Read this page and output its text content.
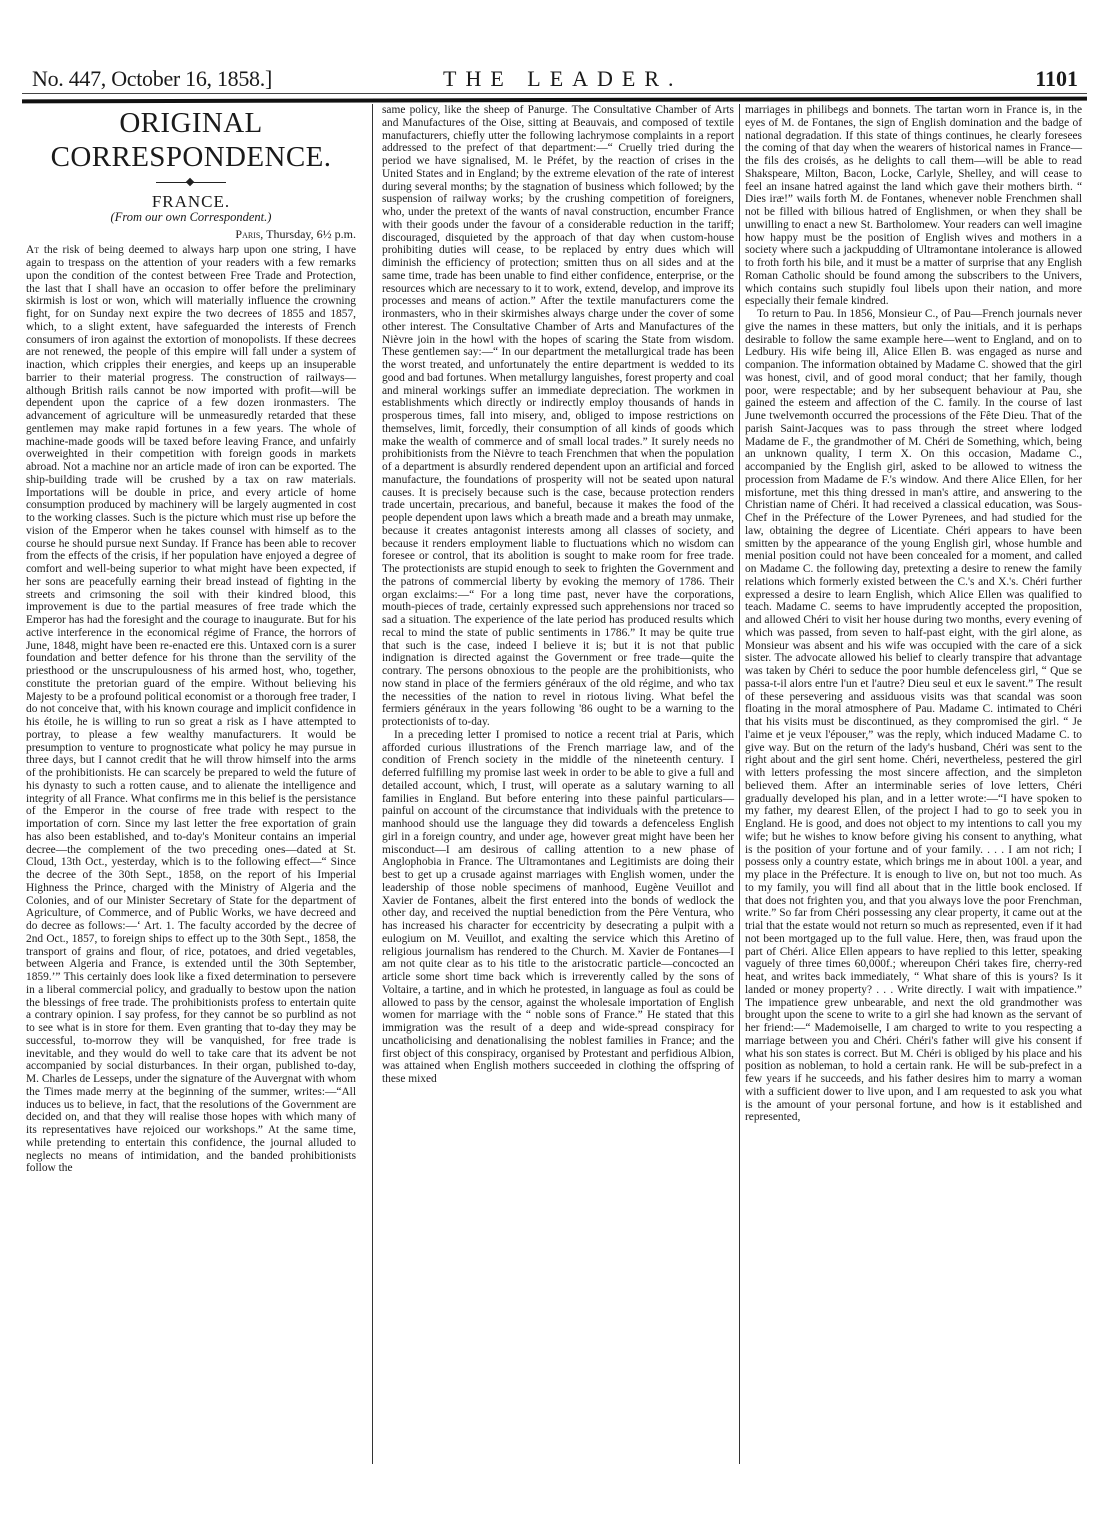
No. 447, October 16, 1858.]	THE LEADER.	1101
ORIGINAL CORRESPONDENCE.
FRANCE.
(From our own Correspondent.)
Paris, Thursday, 6½ p.m.

At the risk of being deemed to always harp upon one string, I have again to trespass on the attention of your readers with a few remarks upon the condition of the contest between Free Trade and Protection, the last that I shall have an occasion to offer before the preliminary skirmish is lost or won, which will materially influence the crowning fight, for on Sunday next expire the two decrees of 1855 and 1857, which, to a slight extent, have safeguarded the interests of French consumers of iron against the extortion of monopolists. If these decrees are not renewed, the people of this empire will fall under a system of inaction, which cripples their energies, and keeps up an insuperable barrier to their material progress. The construction of railways—although British rails cannot be now imported with profit—will be dependent upon the caprice of a few dozen ironmasters. The advancement of agriculture will be unmeasuredly retarded that these gentlemen may make rapid fortunes in a few years. The whole of machine-made goods will be taxed before leaving France, and unfairly overweighted in their competition with foreign goods in markets abroad. Not a machine nor an article made of iron can be exported. The ship-building trade will be crushed by a tax on raw materials. Importations will be double in price, and every article of home consumption produced by machinery will be largely augmented in cost to the working classes. Such is the picture which must rise up before the vision of the Emperor when he takes counsel with himself as to the course he should pursue next Sunday. If France has been able to recover from the effects of the crisis, if her population have enjoyed a degree of comfort and well-being superior to what might have been expected, if her sons are peacefully earning their bread instead of fighting in the streets and crimsoning the soil with their kindred blood, this improvement is due to the partial measures of free trade which the Emperor has had the foresight and the courage to inaugurate. But for his active interference in the economical régime of France, the horrors of June, 1848, might have been re-enacted ere this. Untaxed corn is a surer foundation and better defence for his throne than the servility of the priesthood or the unscrupulousness of his armed host, who, together, constitute the pretorian guard of the empire. Without believing his Majesty to be a profound political economist or a thorough free trader, I do not conceive that, with his known courage and implicit confidence in his étoile, he is willing to run so great a risk as I have attempted to portray, to please a few wealthy manufacturers. It would be presumption to venture to prognosticate what policy he may pursue in three days, but I cannot credit that he will throw himself into the arms of the prohibitionists. He can scarcely be prepared to weld the future of his dynasty to such a rotten cause, and to alienate the intelligence and integrity of all France. What confirms me in this belief is the persistance of the Emperor in the course of free trade with respect to the importation of corn. Since my last letter the free exportation of grain has also been established, and to-day's Moniteur contains an imperial decree—the complement of the two preceding ones—dated at St. Cloud, 13th Oct., yesterday, which is to the following effect—“ Since the decree of the 30th Sept., 1858, on the report of his Imperial Highness the Prince, charged with the Ministry of Algeria and the Colonies, and of our Minister Secretary of State for the department of Agriculture, of Commerce, and of Public Works, we have decreed and do decree as follows:—‘ Art. 1. The faculty accorded by the decree of 2nd Oct., 1857, to foreign ships to effect up to the 30th Sept., 1858, the transport of grains and flour, of rice, potatoes, and dried vegetables, between Algeria and France, is extended until the 30th September, 1859.’” This certainly does look like a fixed determination to persevere in a liberal commercial policy, and gradually to bestow upon the nation the blessings of free trade. The prohibitionists profess to entertain quite a contrary opinion. I say profess, for they cannot be so purblind as not to see what is in store for them. Even granting that to-day they may be successful, to-morrow they will be vanquished, for free trade is inevitable, and they would do well to take care that its advent be not accompanied by social disturbances. In their organ, published to-day, M. Charles de Lesseps, under the signature of the Auvergnat with whom the Times made merry at the beginning of the summer, writes:—“All induces us to believe, in fact, that the resolutions of the Government are decided on, and that they will realise those hopes with which many of its representatives have rejoiced our workshops.” At the same time, while pretending to entertain this confidence, the journal alluded to neglects no means of intimidation, and the banded prohibitionists follow the

same policy, like the sheep of Panurge. The Consultative Chamber of Arts and Manufactures of the Oise, sitting at Beauvais, and composed of textile manufacturers, chiefly utter the following lachrymose complaints in a report addressed to the prefect of that department:—“ Cruelly tried during the period we have signalised, M. le Préfet, by the reaction of crises in the United States and in England; by the extreme elevation of the rate of interest during several months; by the stagnation of business which followed; by the suspension of railway works; by the crushing competition of foreigners, who, under the pretext of the wants of naval construction, encumber France with their goods under the favour of a considerable reduction in the tariff; discouraged, disquieted by the approach of that day when custom-house prohibiting duties will cease, to be replaced by entry dues which will diminish the efficiency of protection; smitten thus on all sides and at the same time, trade has been unable to find either confidence, enterprise, or the resources which are necessary to it to work, extend, develop, and improve its processes and means of action.” After the textile manufacturers come the ironmasters, who in their skirmishes always charge under the cover of some other interest. The Consultative Chamber of Arts and Manufactures of the Nièvre join in the howl with the hopes of scaring the State from wisdom. These gentlemen say:—“ In our department the metallurgical trade has been the worst treated, and unfortunately the entire department is wedded to its good and bad fortunes. When metallurgy languishes, forest property and coal and mineral workings suffer an immediate depreciation. The workmen in establishments which directly or indirectly employ thousands of hands in prosperous times, fall into misery, and, obliged to impose restrictions on themselves, limit, forcedly, their consumption of all kinds of goods which make the wealth of commerce and of small local trades.” It surely needs no prohibitionists from the Nièvre to teach Frenchmen that when the population of a department is absurdly rendered dependent upon an artificial and forced manufacture, the foundations of prosperity will not be seated upon natural causes. It is precisely because such is the case, because protection renders trade uncertain, precarious, and baneful, because it makes the food of the people dependent upon laws which a breath made and a breath may unmake, because it creates antagonist interests among all classes of society, and because it renders employment liable to fluctuations which no wisdom can foresee or control, that its abolition is sought to make room for free trade. The protectionists are stupid enough to seek to frighten the Government and the patrons of commercial liberty by evoking the memory of 1786. Their organ exclaims:—“ For a long time past, never have the corporations, mouth-pieces of trade, certainly expressed such apprehensions nor traced so sad a situation. The experience of the late period has produced results which recal to mind the state of public sentiments in 1786.” It may be quite true that such is the case, indeed I believe it is; but it is not that public indignation is directed against the Government or free trade—quite the contrary. The persons obnoxious to the people are the prohibitionists, who now stand in place of the fermiers généraux of the old régime, and who tax the necessities of the nation to revel in riotous living. What befel the fermiers généraux in the years following '86 ought to be a warning to the protectionists of to-day.

In a preceding letter I promised to notice a recent trial at Paris, which afforded curious illustrations of the French marriage law, and of the condition of French society in the middle of the nineteenth century. I deferred fulfilling my promise last week in order to be able to give a full and detailed account, which, I trust, will operate as a salutary warning to all families in England. But before entering into these painful particulars—painful on account of the circumstance that individuals with the pretence to manhood should use the language they did towards a defenceless English girl in a foreign country, and under age, however great might have been her misconduct—I am desirous of calling attention to a new phase of Anglophobia in France. The Ultramontanes and Legitimists are doing their best to get up a crusade against marriages with English women, under the leadership of those noble specimens of manhood, Eugène Veuillot and Xavier de Fontanes, albeit the first entered into the bonds of wedlock the other day, and received the nuptial benediction from the Père Ventura, who has increased his character for eccentricity by desecrating a pulpit with a eulogium on M. Veuillot, and exalting the service which this Aretino of religious journalism has rendered to the Church. M. Xavier de Fontanes—I am not quite clear as to his title to the aristocratic particle—concocted an article some short time back which is irreverently called by the sons of Voltaire, a tartine, and in which he protested, in language as foul as could be allowed to pass by the censor, against the wholesale importation of English women for marriage with the “ noble sons of France.” He stated that this immigration was the result of a deep and wide-spread conspiracy for uncatholicising and denationalising the noblest families in France; and the first object of this conspiracy, organised by Protestant and perfidious Albion, was attained when English mothers succeeded in clothing the offspring of these mixed

marriages in philibegs and bonnets. The tartan worn in France is, in the eyes of M. de Fontanes, the sign of English domination and the badge of national degradation. If this state of things continues, he clearly foresees the coming of that day when the wearers of historical names in France—the fils des croisés, as he delights to call them—will be able to read Shakspeare, Milton, Bacon, Locke, Carlyle, Shelley, and will cease to feel an insane hatred against the land which gave their mothers birth. “ Dies iræ!” wails forth M. de Fontanes, whenever noble Frenchmen shall not be filled with bilious hatred of Englishmen, or when they shall be unwilling to enact a new St. Bartholomew. Your readers can well imagine how happy must be the position of English wives and mothers in a society where such a jackpudding of Ultramontane intolerance is allowed to froth forth his bile, and it must be a matter of surprise that any English Roman Catholic should be found among the subscribers to the Univers, which contains such stupidly foul libels upon their nation, and more especially their female kindred.

To return to Pau. In 1856, Monsieur C., of Pau—French journals never give the names in these matters, but only the initials, and it is perhaps desirable to follow the same example here—went to England, and on to Ledbury. His wife being ill, Alice Ellen B. was engaged as nurse and companion. The information obtained by Madame C. showed that the girl was honest, civil, and of good moral conduct; that her family, though poor, were respectable; and by her subsequent behaviour at Pau, she gained the esteem and affection of the C. family. In the course of last June twelvemonth occurred the processions of the Fête Dieu. That of the parish Saint-Jacques was to pass through the street where lodged Madame de F., the grandmother of M. Chéri de Something, which, being an unknown quality, I term X. On this occasion, Madame C., accompanied by the English girl, asked to be allowed to witness the procession from Madame de F.'s window. And there Alice Ellen, for her misfortune, met this thing dressed in man's attire, and answering to the Christian name of Chéri. It had received a classical education, was Sous-Chef in the Préfecture of the Lower Pyrenees, and had studied for the law, obtaining the degree of Licentiate. Chéri appears to have been smitten by the appearance of the young English girl, whose humble and menial position could not have been concealed for a moment, and called on Madame C. the following day, pretexting a desire to renew the family relations which formerly existed between the C.'s and X.'s. Chéri further expressed a desire to learn English, which Alice Ellen was qualified to teach. Madame C. seems to have imprudently accepted the proposition, and allowed Chéri to visit her house during two months, every evening of which was passed, from seven to half-past eight, with the girl alone, as Monsieur was absent and his wife was occupied with the care of a sick sister. The advocate allowed his belief to clearly transpire that advantage was taken by Chéri to seduce the poor humble defenceless girl, “ Que se passa-t-il alors entre l'un et l'autre? Dieu seul et eux le savent.” The result of these persevering and assiduous visits was that scandal was soon floating in the moral atmosphere of Pau. Madame C. intimated to Chéri that his visits must be discontinued, as they compromised the girl. “ Je l'aime et je veux l'épouser,” was the reply, which induced Madame C. to give way. But on the return of the lady's husband, Chéri was sent to the right about and the girl sent home. Chéri, nevertheless, pestered the girl with letters professing the most sincere affection, and the simpleton believed them. After an interminable series of love letters, Chéri gradually developed his plan, and in a letter wrote:—“I have spoken to my father, my dearest Ellen, of the project I had to go to seek you in England. He is good, and does not object to my intentions to call you my wife; but he wishes to know before giving his consent to anything, what is the position of your fortune and of your family. . . . I am not rich; I possess only a country estate, which brings me in about 100l. a year, and my place in the Préfecture. It is enough to live on, but not too much. As to my family, you will find all about that in the little book enclosed. If that does not frighten you, and that you always love the poor Frenchman, write.” So far from Chéri possessing any clear property, it came out at the trial that the estate would not return so much as represented, even if it had not been mortgaged up to the full value. Here, then, was fraud upon the part of Chéri. Alice Ellen appears to have replied to this letter, speaking vaguely of three times 60,000f.; whereupon Chéri takes fire, cherry-red heat, and writes back immediately, “ What share of this is yours? Is it landed or money property? . . . Write directly. I wait with impatience.” The impatience grew unbearable, and next the old grandmother was brought upon the scene to write to a girl she had known as the servant of her friend:—“ Mademoiselle, I am charged to write to you respecting a marriage between you and Chéri. Chéri's father will give his consent if what his son states is correct. But M. Chéri is obliged by his place and his position as nobleman, to hold a certain rank. He will be sub-prefect in a few years if he succeeds, and his father desires him to marry a woman with a sufficient dower to live upon, and I am requested to ask you what is the amount of your personal fortune, and how is it established and represented,
